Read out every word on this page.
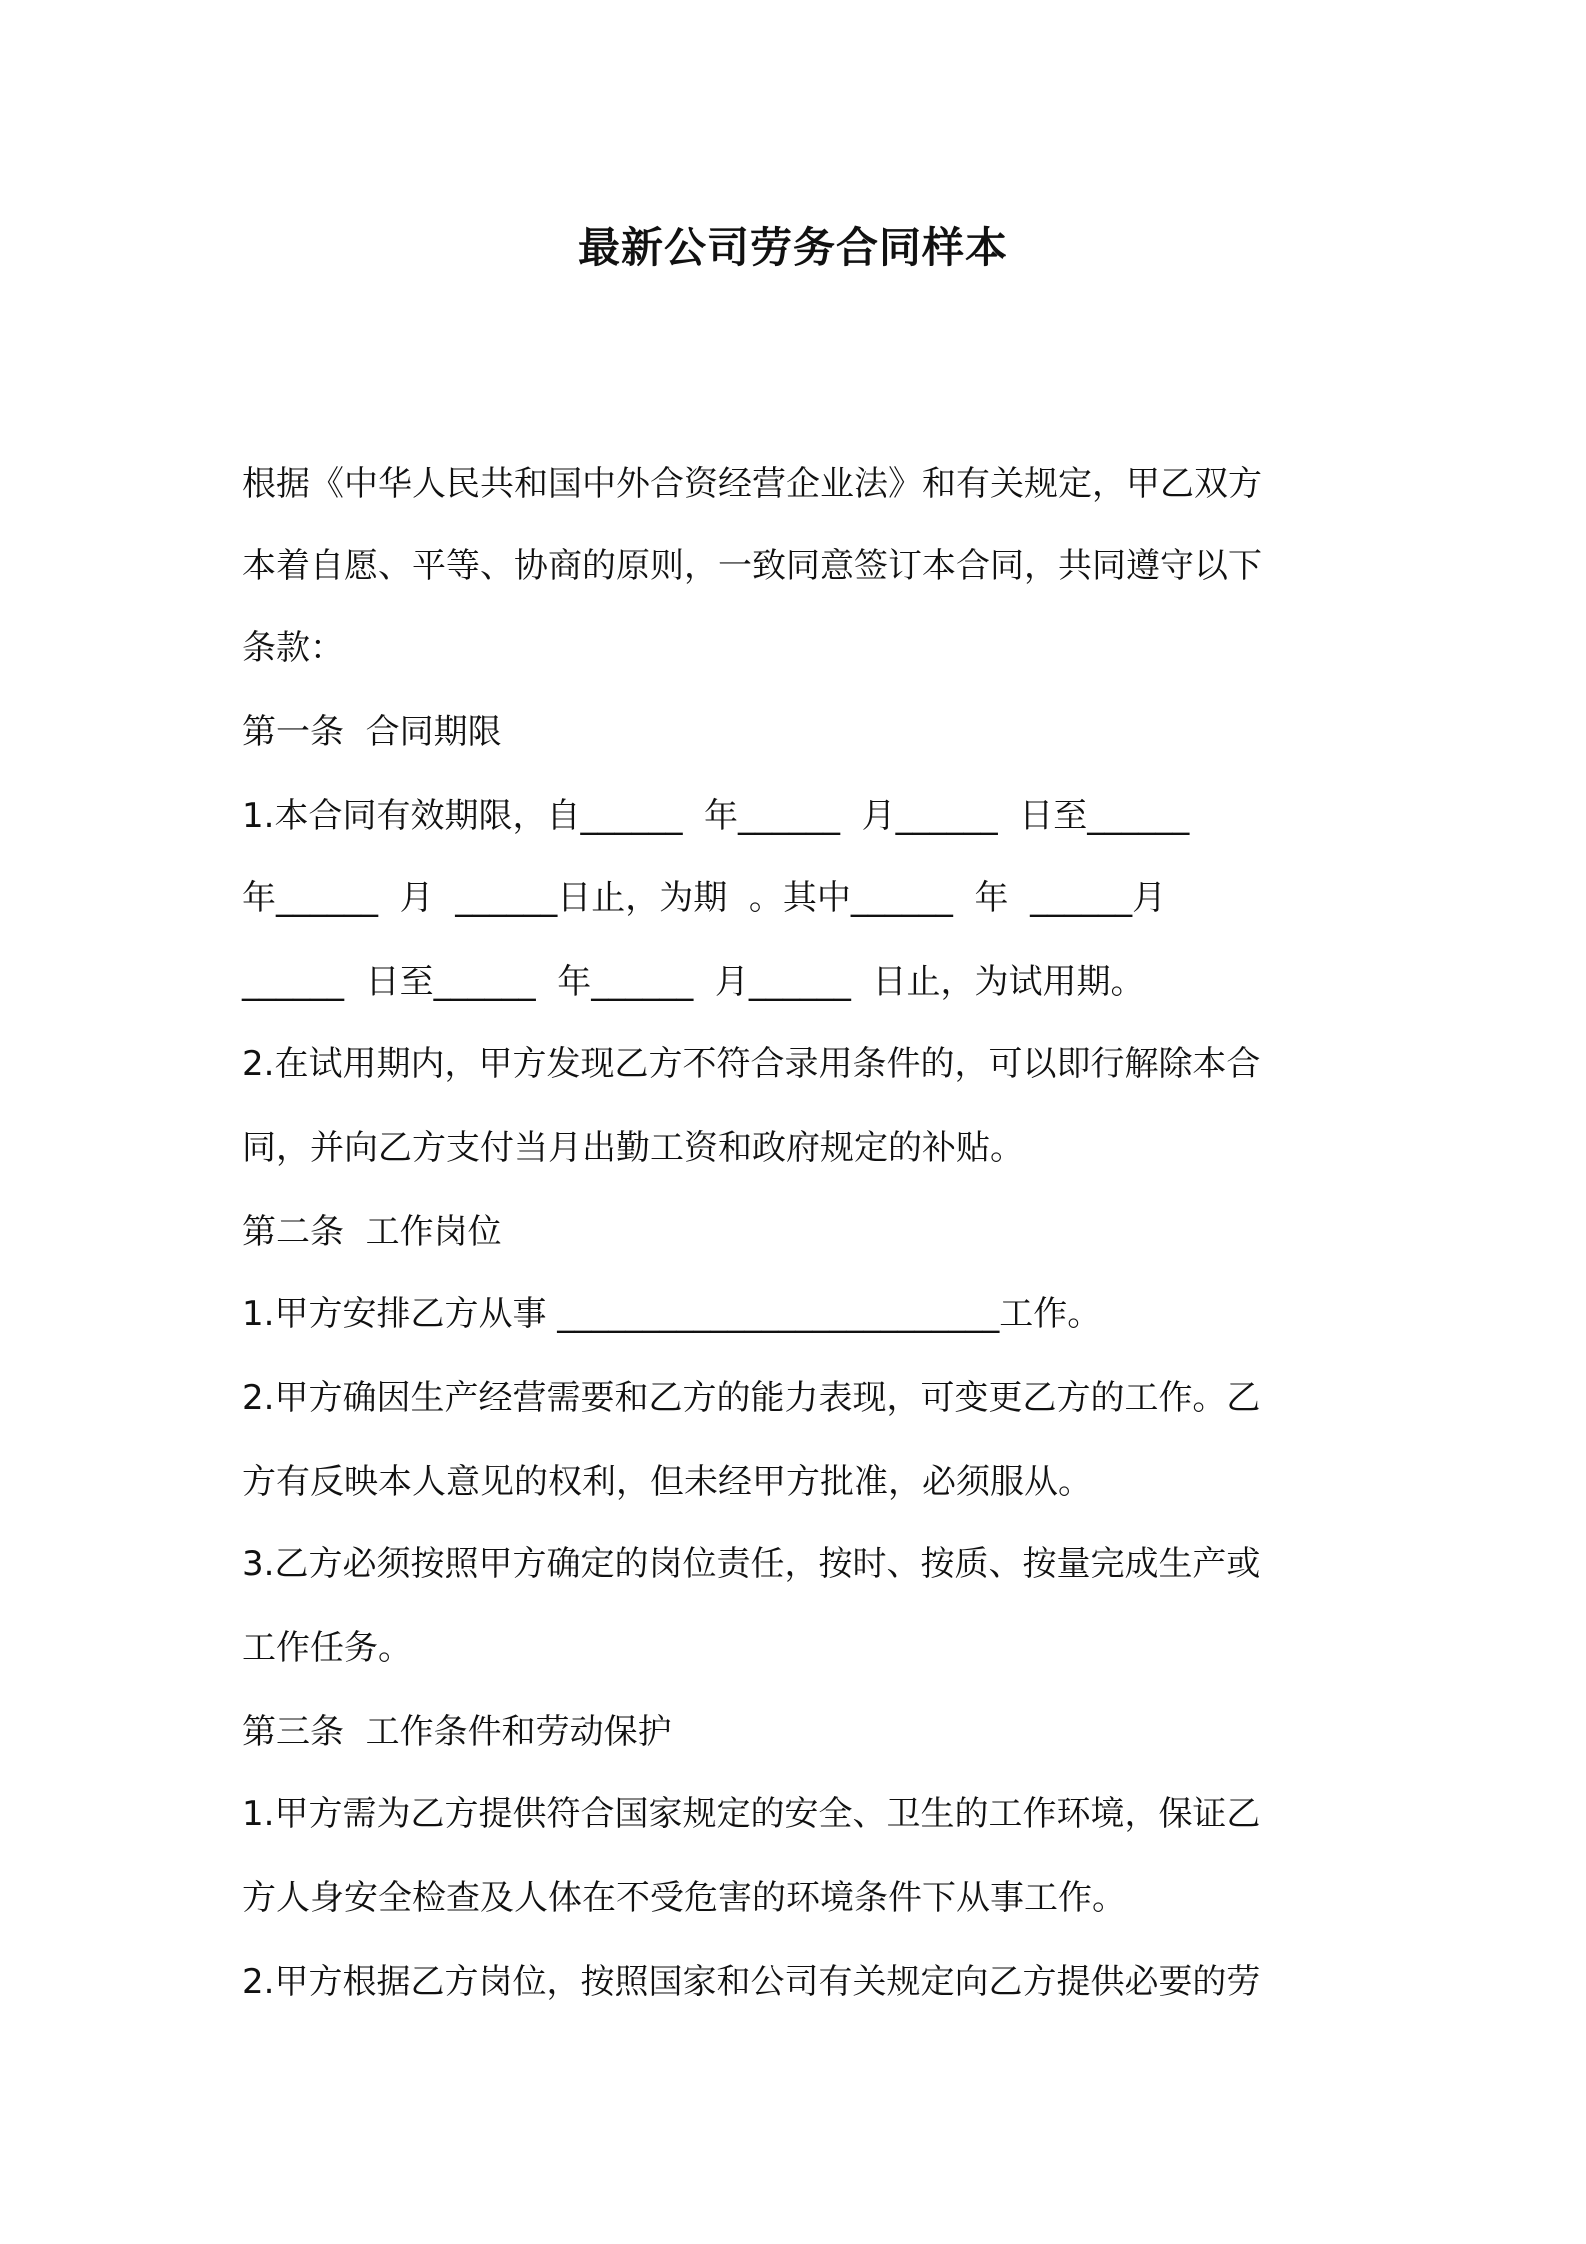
最新公司劳务合同样本
根据《中华人民共和国中外合资经营企业法》和有关规定，甲乙双方
本着自愿、平等、协商的原则，一致同意签订本合同，共同遵守以下
条款：
第一条  合同期限
1.本合同有效期限，自______  年______  月______  日至______
年______  月  ______日止，为期  。其中______  年  ______月
______  日至______  年______  月______  日止，为试用期。
2.在试用期内，甲方发现乙方不符合录用条件的，可以即行解除本合
同，并向乙方支付当月出勤工资和政府规定的补贴。
第二条  工作岗位
1.甲方安排乙方从事 __________________________工作。
2.甲方确因生产经营需要和乙方的能力表现，可变更乙方的工作。乙
方有反映本人意见的权利，但未经甲方批准，必须服从。
3.乙方必须按照甲方确定的岗位责任，按时、按质、按量完成生产或
工作任务。
第三条  工作条件和劳动保护
1.甲方需为乙方提供符合国家规定的安全、卫生的工作环境，保证乙
方人身安全检查及人体在不受危害的环境条件下从事工作。
2.甲方根据乙方岗位，按照国家和公司有关规定向乙方提供必要的劳
